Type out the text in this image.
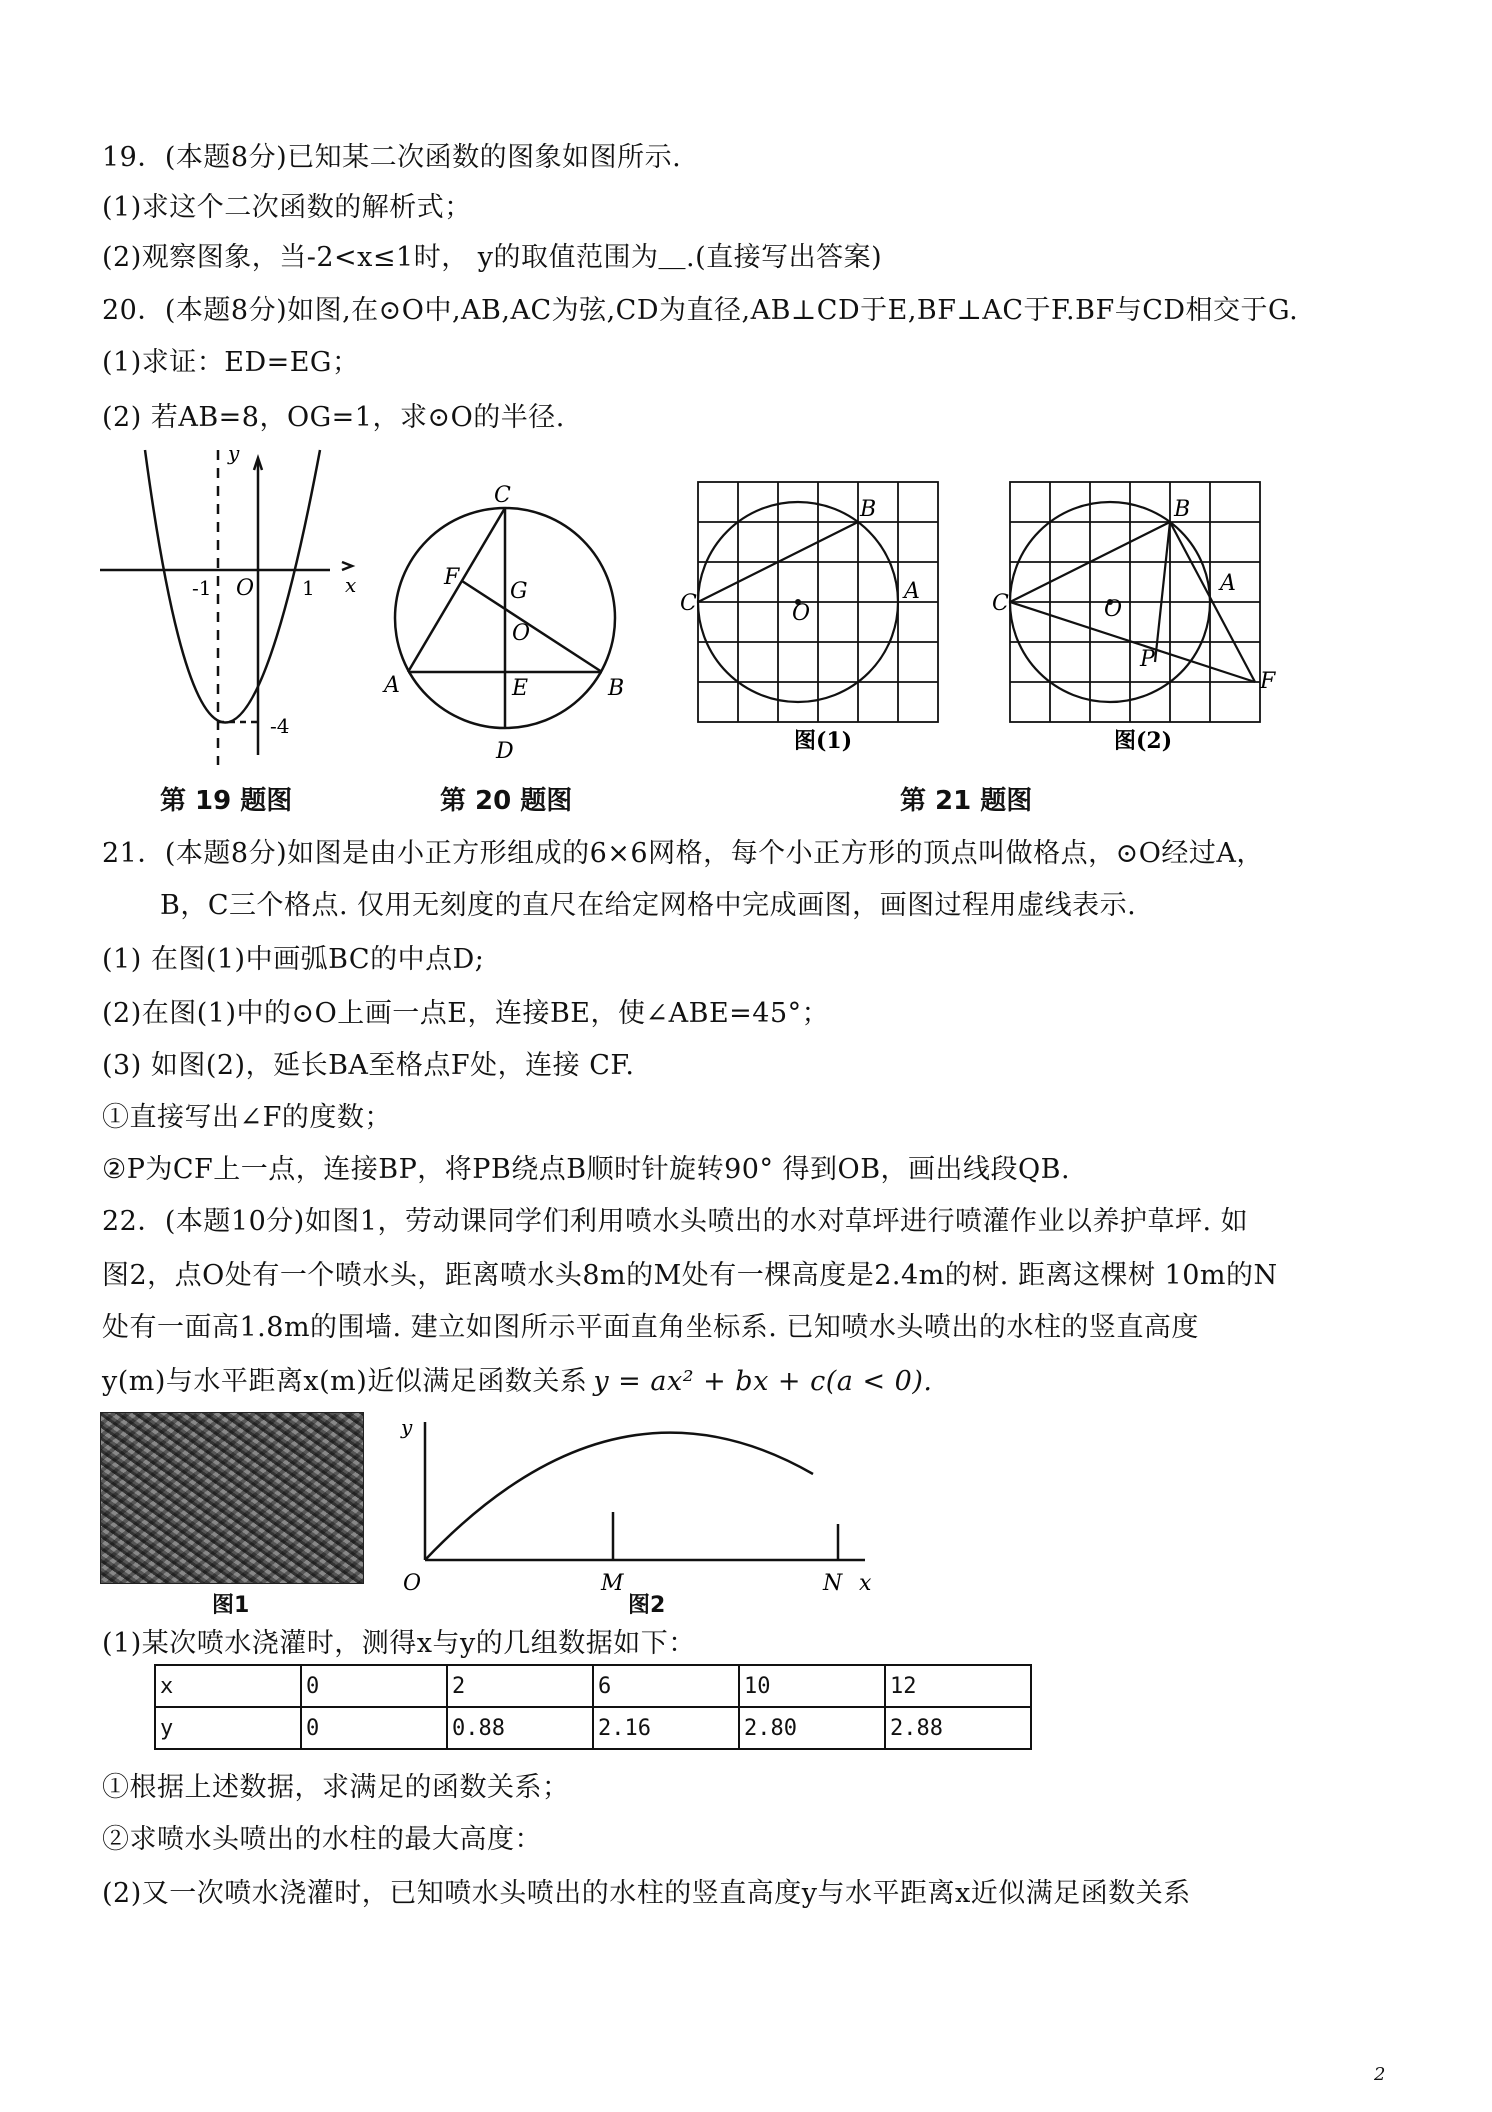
19．(本题8分)已知某二次函数的图象如图所示.
(1)求这个二次函数的解析式；
(2)观察图象，当-2<x≤1时， y的取值范围为＿.(直接写出答案)
20．(本题8分)如图,在⊙O中,AB,AC为弦,CD为直径,AB⊥CD于E,BF⊥AC于F.BF与CD相交于G.
(1)求证：ED=EG；
(2) 若AB=8，OG=1，求⊙O的半径.
y
x
O
-1	1
-4
C
F
G
O
A	E	B
D
C
B
A
O
图(1)
C
B
A
O
P
F
图(2)
第 19 题图	第 20 题图	第 21 题图
21．(本题8分)如图是由小正方形组成的6×6网格，每个小正方形的顶点叫做格点，⊙O经过A，
B，C三个格点. 仅用无刻度的直尺在给定网格中完成画图，画图过程用虚线表示.
(1) 在图(1)中画弧BC的中点D;
(2)在图(1)中的⊙O上画一点E，连接BE，使∠ABE=45°；
(3) 如图(2)，延长BA至格点F处，连接 CF.
①直接写出∠F的度数；
②P为CF上一点，连接BP，将PB绕点B顺时针旋转90° 得到OB，画出线段QB.
22．(本题10分)如图1，劳动课同学们利用喷水头喷出的水对草坪进行喷灌作业以养护草坪. 如
图2，点O处有一个喷水头，距离喷水头8m的M处有一棵高度是2.4m的树. 距离这棵树 10m的N
处有一面高1.8m的围墙. 建立如图所示平面直角坐标系. 已知喷水头喷出的水柱的竖直高度
y(m)与水平距离x(m)近似满足函数关系 y = ax² + bx + c(a < 0).
图1
y
O	M	N x
图2
(1)某次喷水浇灌时，测得x与y的几组数据如下：
x	0	2	6	10	12
y	0	0.88	2.16	2.80	2.88
①根据上述数据，求满足的函数关系；
②求喷水头喷出的水柱的最大高度：
(2)又一次喷水浇灌时，已知喷水头喷出的水柱的竖直高度y与水平距离x近似满足函数关系
2
